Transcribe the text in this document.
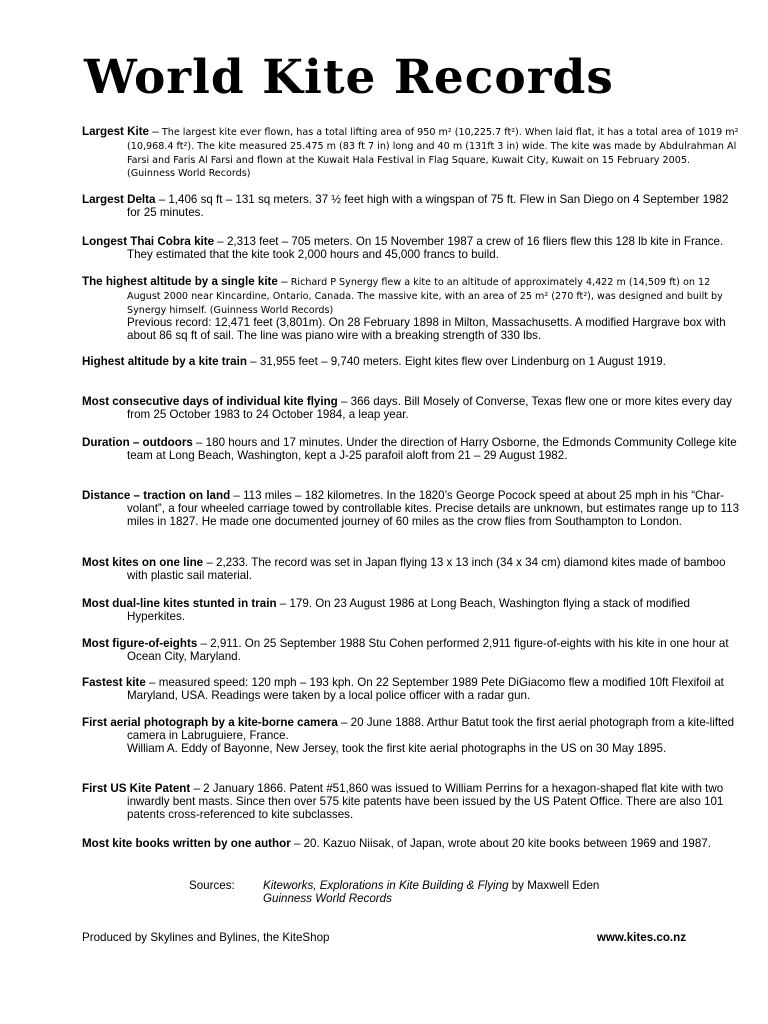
World Kite Records
Largest Kite – The largest kite ever flown, has a total lifting area of 950 m² (10,225.7 ft²). When laid flat, it has a total area of 1019 m² (10,968.4 ft²). The kite measured 25.475 m (83 ft 7 in) long and 40 m (131ft 3 in) wide. The kite was made by Abdulrahman Al Farsi and Faris Al Farsi and flown at the Kuwait Hala Festival in Flag Square, Kuwait City, Kuwait on 15 February 2005. (Guinness World Records)
Largest Delta – 1,406 sq ft – 131 sq meters. 37 ½ feet high with a wingspan of 75 ft. Flew in San Diego on 4 September 1982 for 25 minutes.
Longest Thai Cobra kite – 2,313 feet – 705 meters. On 15 November 1987 a crew of 16 fliers flew this 128 lb kite in France. They estimated that the kite took 2,000 hours and 45,000 francs to build.
The highest altitude by a single kite – Richard P Synergy flew a kite to an altitude of approximately 4,422 m (14,509 ft) on 12 August 2000 near Kincardine, Ontario, Canada. The massive kite, with an area of 25 m² (270 ft²), was designed and built by Synergy himself. (Guinness World Records)
Previous record: 12,471 feet (3,801m). On 28 February 1898 in Milton, Massachusetts. A modified Hargrave box with about 86 sq ft of sail. The line was piano wire with a breaking strength of 330 lbs.
Highest altitude by a kite train – 31,955 feet – 9,740 meters. Eight kites flew over Lindenburg on 1 August 1919.
Most consecutive days of individual kite flying – 366 days. Bill Mosely of Converse, Texas flew one or more kites every day from 25 October 1983 to 24 October 1984, a leap year.
Duration – outdoors – 180 hours and 17 minutes. Under the direction of Harry Osborne, the Edmonds Community College kite team at Long Beach, Washington, kept a J-25 parafoil aloft from 21 – 29 August 1982.
Distance – traction on land – 113 miles – 182 kilometres. In the 1820’s George Pocock speed at about 25 mph in his “Char-volant”, a four wheeled carriage towed by controllable kites. Precise details are unknown, but estimates range up to 113 miles in 1827. He made one documented journey of 60 miles as the crow flies from Southampton to London.
Most kites on one line – 2,233. The record was set in Japan flying 13 x 13 inch (34 x 34 cm) diamond kites made of bamboo with plastic sail material.
Most dual-line kites stunted in train – 179. On 23 August 1986 at Long Beach, Washington flying a stack of modified Hyperkites.
Most figure-of-eights – 2,911. On 25 September 1988 Stu Cohen performed 2,911 figure-of-eights with his kite in one hour at Ocean City, Maryland.
Fastest kite – measured speed: 120 mph – 193 kph. On 22 September 1989 Pete DiGiacomo flew a modified 10ft Flexifoil at Maryland, USA. Readings were taken by a local police officer with a radar gun.
First aerial photograph by a kite-borne camera – 20 June 1888. Arthur Batut took the first aerial photograph from a kite-lifted camera in Labruguiere, France.
William A. Eddy of Bayonne, New Jersey, took the first kite aerial photographs in the US on 30 May 1895.
First US Kite Patent – 2 January 1866. Patent #51,860 was issued to William Perrins for a hexagon-shaped flat kite with two inwardly bent masts. Since then over 575 kite patents have been issued by the US Patent Office. There are also 101 patents cross-referenced to kite subclasses.
Most kite books written by one author – 20. Kazuo Niisak, of Japan, wrote about 20 kite books between 1969 and 1987.
Sources: Kiteworks, Explorations in Kite Building & Flying by Maxwell Eden
Guinness World Records
Produced by Skylines and Bylines, the KiteShop	www.kites.co.nz
